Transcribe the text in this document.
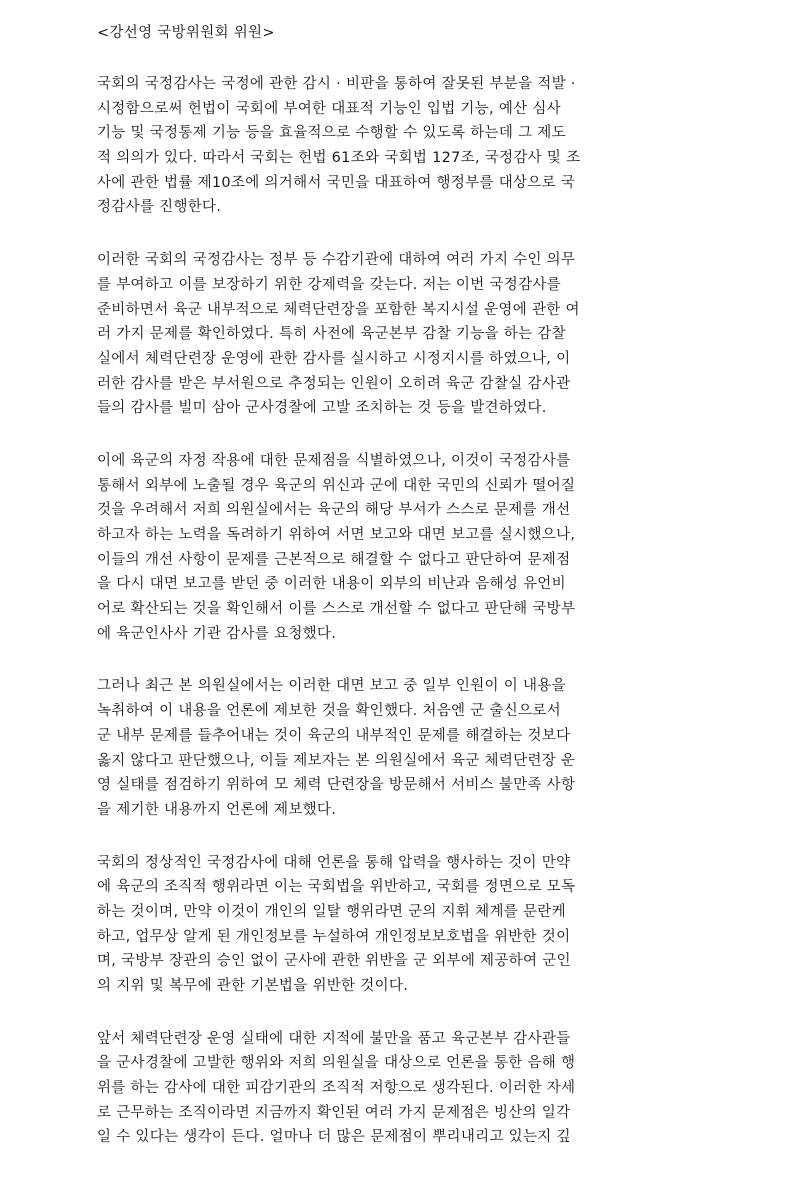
<강선영 국방위원회 위원>
국회의 국정감사는 국정에 관한 감시 · 비판을 통하여 잘못된 부분을 적발 ·
시정함으로써 헌법이 국회에 부여한 대표적 기능인 입법 기능, 예산 심사
기능 및 국정통제 기능 등을 효율적으로 수행할 수 있도록 하는데 그 제도
적 의의가 있다. 따라서 국회는 헌법 61조와 국회법 127조, 국정감사 및 조
사에 관한 법률 제10조에 의거해서 국민을 대표하여 행정부를 대상으로 국
정감사를 진행한다.
이러한 국회의 국정감사는 정부 등 수감기관에 대하여 여러 가지 수인 의무
를 부여하고 이를 보장하기 위한 강제력을 갖는다. 저는 이번 국정감사를
준비하면서 육군 내부적으로 체력단련장을 포함한 복지시설 운영에 관한 여
러 가지 문제를 확인하였다. 특히 사전에 육군본부 감찰 기능을 하는 감찰
실에서 체력단련장 운영에 관한 감사를 실시하고 시정지시를 하였으나, 이
러한 감사를 받은 부서원으로 추정되는 인원이 오히려 육군 감찰실 감사관
들의 감사를 빌미 삼아 군사경찰에 고발 조치하는 것 등을 발견하였다.
이에 육군의 자정 작용에 대한 문제점을 식별하였으나, 이것이 국정감사를
통해서 외부에 노출될 경우 육군의 위신과 군에 대한 국민의 신뢰가 떨어질
것을 우려해서 저희 의원실에서는 육군의 해당 부서가 스스로 문제를 개선
하고자 하는 노력을 독려하기 위하여 서면 보고와 대면 보고를 실시했으나,
이들의 개선 사항이 문제를 근본적으로 해결할 수 없다고 판단하여 문제점
을 다시 대면 보고를 받던 중 이러한 내용이 외부의 비난과 음해성 유언비
어로 확산되는 것을 확인해서 이를 스스로 개선할 수 없다고 판단해 국방부
에 육군인사사 기관 감사를 요청했다.
그러나 최근 본 의원실에서는 이러한 대면 보고 중 일부 인원이 이 내용을
녹취하여 이 내용을 언론에 제보한 것을 확인했다. 처음엔 군 출신으로서
군 내부 문제를 들추어내는 것이 육군의 내부적인 문제를 해결하는 것보다
옳지 않다고 판단했으나, 이들 제보자는 본 의원실에서 육군 체력단련장 운
영 실태를 점검하기 위하여 모 체력 단련장을 방문해서 서비스 불만족 사항
을 제기한 내용까지 언론에 제보했다.
국회의 정상적인 국정감사에 대해 언론을 통해 압력을 행사하는 것이 만약
에 육군의 조직적 행위라면 이는 국회법을 위반하고, 국회를 정면으로 모독
하는 것이며, 만약 이것이 개인의 일탈 행위라면 군의 지휘 체계를 문란케
하고, 업무상 알게 된 개인정보를 누설하여 개인정보보호법을 위반한 것이
며, 국방부 장관의 승인 없이 군사에 관한 위반을 군 외부에 제공하여 군인
의 지위 및 복무에 관한 기본법을 위반한 것이다.
앞서 체력단련장 운영 실태에 대한 지적에 불만을 품고 육군본부 감사관들
을 군사경찰에 고발한 행위와 저희 의원실을 대상으로 언론을 통한 음해 행
위를 하는 감사에 대한 피감기관의 조직적 저항으로 생각된다. 이러한 자세
로 근무하는 조직이라면 지금까지 확인된 여러 가지 문제점은 빙산의 일각
일 수 있다는 생각이 든다. 얼마나 더 많은 문제점이 뿌리내리고 있는지 깊
